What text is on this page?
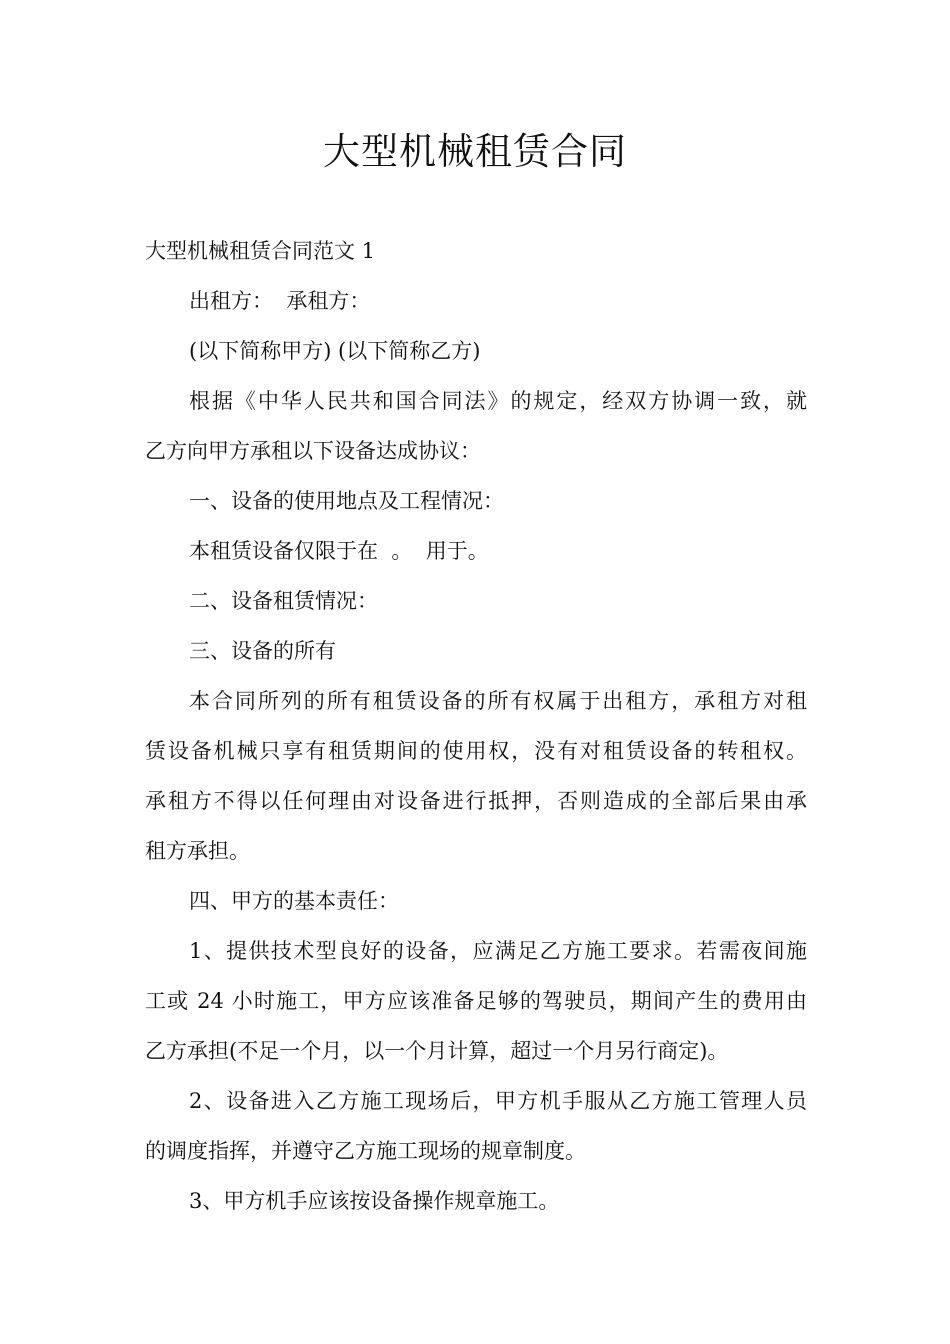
大型机械租赁合同
大型机械租赁合同范文 1
出租方：  承租方：
(以下简称甲方) (以下简称乙方)
根据《中华人民共和国合同法》的规定，经双方协调一致，就
乙方向甲方承租以下设备达成协议：
一、设备的使用地点及工程情况：
本租赁设备仅限于在  。  用于。
二、设备租赁情况：
三、设备的所有
本合同所列的所有租赁设备的所有权属于出租方，承租方对租
赁设备机械只享有租赁期间的使用权，没有对租赁设备的转租权。
承租方不得以任何理由对设备进行抵押，否则造成的全部后果由承
租方承担。
四、甲方的基本责任：
1、提供技术型良好的设备，应满足乙方施工要求。若需夜间施
工或 24 小时施工，甲方应该准备足够的驾驶员，期间产生的费用由
乙方承担(不足一个月，以一个月计算，超过一个月另行商定)。
2、设备进入乙方施工现场后，甲方机手服从乙方施工管理人员
的调度指挥，并遵守乙方施工现场的规章制度。
3、甲方机手应该按设备操作规章施工。
